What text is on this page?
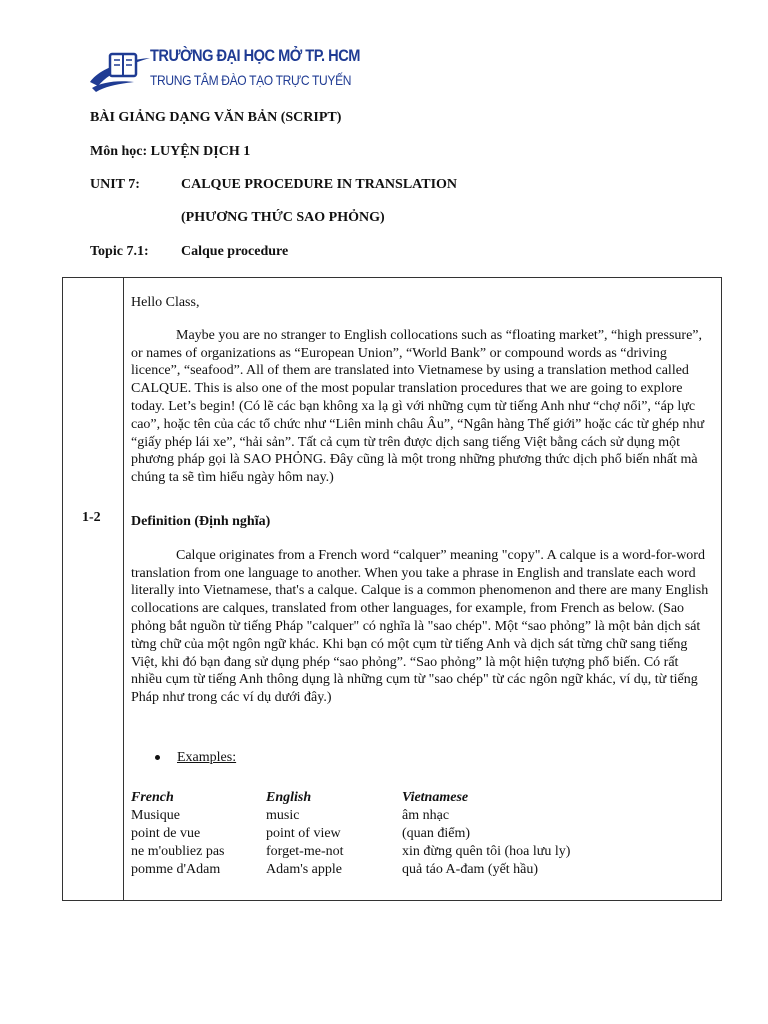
TRƯỜNG ĐẠI HỌC MỞ TP. HCM
TRUNG TÂM ĐÀO TẠO TRỰC TUYẾN
BÀI GIẢNG DẠNG VĂN BẢN (SCRIPT)
Môn học: LUYỆN DỊCH 1
UNIT 7:	CALQUE PROCEDURE IN TRANSLATION
(PHƯƠNG THỨC SAO PHỎNG)
Topic 7.1: Calque procedure
1-2

Hello Class,

Maybe you are no stranger to English collocations such as “floating market”, “high pressure”, or names of organizations as “European Union”, “World Bank” or compound words as “driving licence”, “seafood”. All of them are translated into Vietnamese by using a translation method called CALQUE. This is also one of the most popular translation procedures that we are going to explore today. Let’s begin! (Có lẽ các bạn không xa lạ gì với những cụm từ tiếng Anh như “chợ nổi”, “áp lực cao”, hoặc tên của các tổ chức như “Liên minh châu Âu”, “Ngân hàng Thế giới” hoặc các từ ghép như “giấy phép lái xe”, “hải sản”. Tất cả cụm từ trên được dịch sang tiếng Việt bằng cách sử dụng một phương pháp gọi là SAO PHỎNG. Đây cũng là một trong những phương thức dịch phổ biến nhất mà chúng ta sẽ tìm hiểu ngày hôm nay.)

Definition (Định nghĩa)

Calque originates from a French word “calquer” meaning "copy". A calque is a word-for-word translation from one language to another. When you take a phrase in English and translate each word literally into Vietnamese, that's a calque. Calque is a common phenomenon and there are many English collocations are calques, translated from other languages, for example, from French as below. (Sao phỏng bắt nguồn từ tiếng Pháp "calquer" có nghĩa là "sao chép". Một “sao phỏng” là một bản dịch sát từng chữ của một ngôn ngữ khác. Khi bạn có một cụm từ tiếng Anh và dịch sát từng chữ sang tiếng Việt, khi đó bạn đang sử dụng phép “sao phỏng”. “Sao phỏng” là một hiện tượng phổ biến. Có rất nhiều cụm từ tiếng Anh thông dụng là những cụm từ "sao chép" từ các ngôn ngữ khác, ví dụ, từ tiếng Pháp như trong các ví dụ dưới đây.)

Examples:
French	English	Vietnamese
Musique	music	âm nhạc
point de vue	point of view	(quan điểm)
ne m'oubliez pas	forget-me-not	xin đừng quên tôi (hoa lưu ly)
pomme d'Adam	Adam's apple	quả táo A-đam (yết hầu)
